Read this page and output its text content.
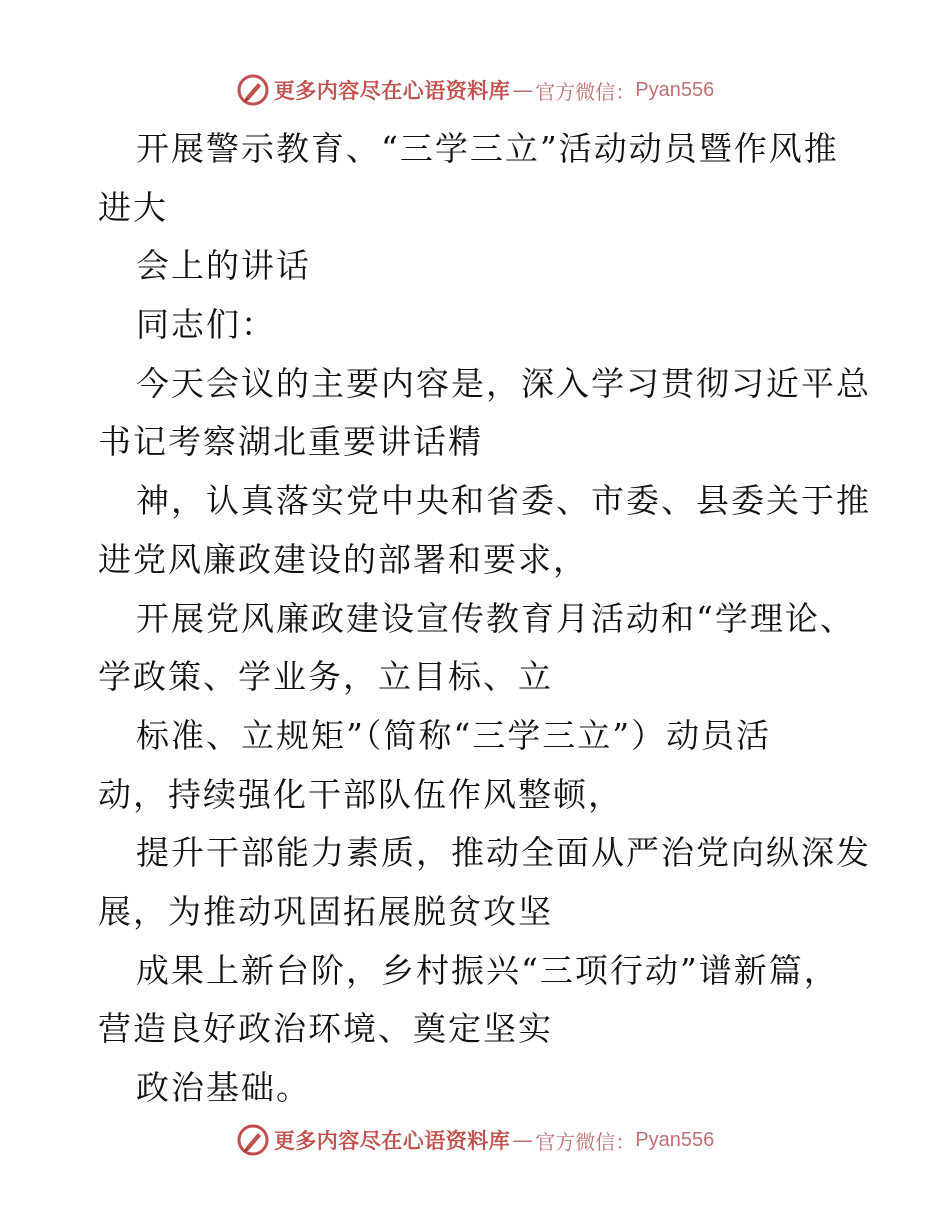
更多内容尽在心语资料库 — 官方微信： Pyan556
开展警示教育、“三学三立”活动动员暨作风推
进大
会上的讲话
同志们：
今天会议的主要内容是，深入学习贯彻习近平总
书记考察湖北重要讲话精
神，认真落实党中央和省委、市委、县委关于推
进党风廉政建设的部署和要求，
开展党风廉政建设宣传教育月活动和“学理论、
学政策、学业务，立目标、立
标准、立规矩”（简称“三学三立”）动员活
动，持续强化干部队伍作风整顿，
提升干部能力素质，推动全面从严治党向纵深发
展，为推动巩固拓展脱贫攻坚
成果上新台阶，乡村振兴“三项行动”谱新篇，
营造良好政治环境、奠定坚实
政治基础。
更多内容尽在心语资料库 — 官方微信： Pyan556
